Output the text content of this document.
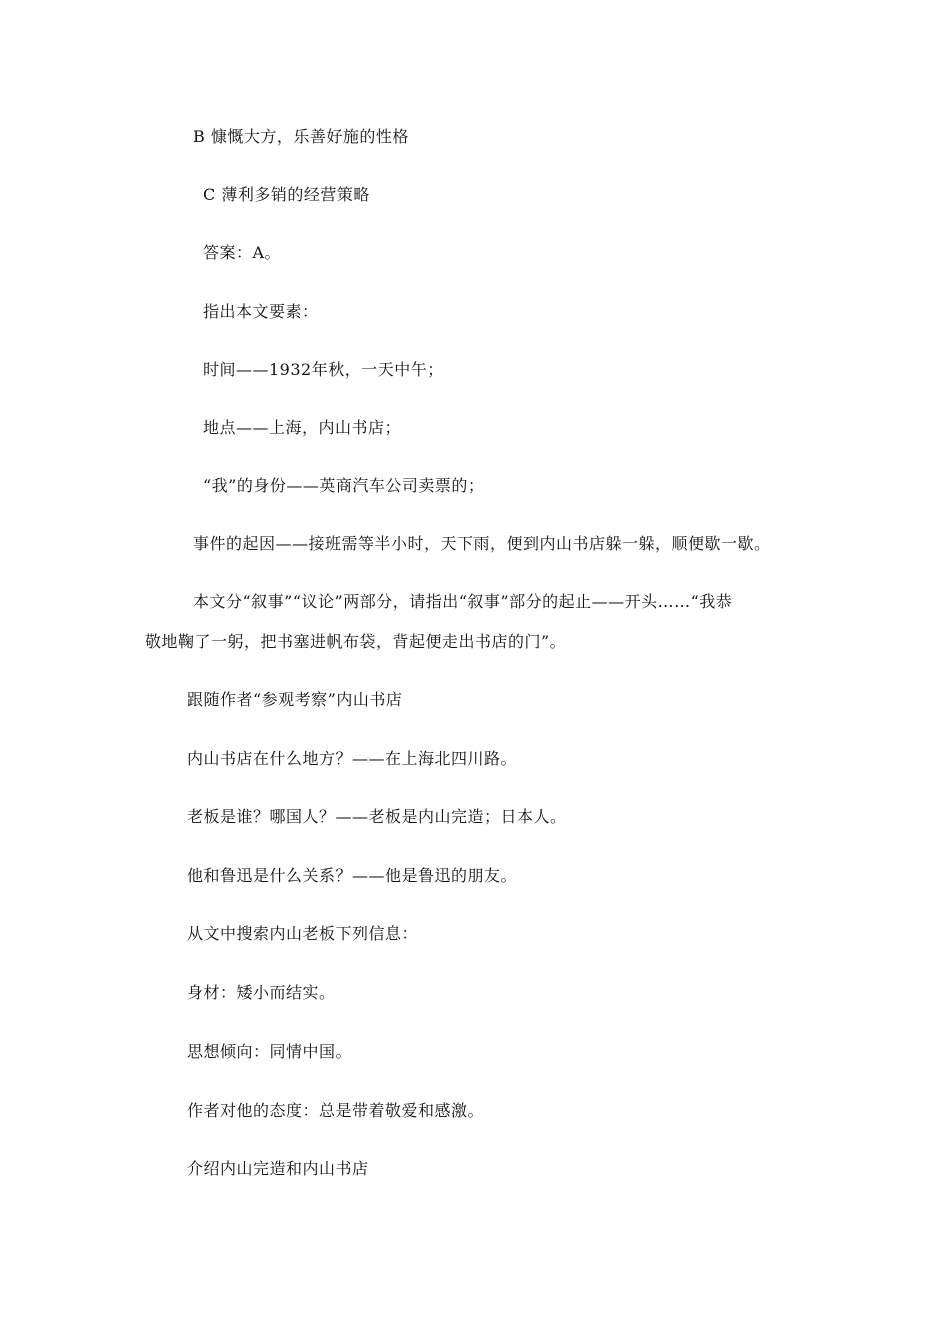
B 慷慨大方，乐善好施的性格
C 薄利多销的经营策略
答案：A。
指出本文要素：
时间——1932年秋，一天中午；
地点——上海，内山书店；
“我”的身份——英商汽车公司卖票的；
事件的起因——接班需等半小时，天下雨，便到内山书店躲一躲，顺便歇一歇。
本文分“叙事”“议论”两部分，请指出“叙事”部分的起止——开头……“我恭
敬地鞠了一躬，把书塞进帆布袋，背起便走出书店的门”。
跟随作者“参观考察”内山书店
内山书店在什么地方？——在上海北四川路。
老板是谁？哪国人？——老板是内山完造；日本人。
他和鲁迅是什么关系？——他是鲁迅的朋友。
从文中搜索内山老板下列信息：
身材：矮小而结实。
思想倾向：同情中国。
作者对他的态度：总是带着敬爱和感激。
介绍内山完造和内山书店
